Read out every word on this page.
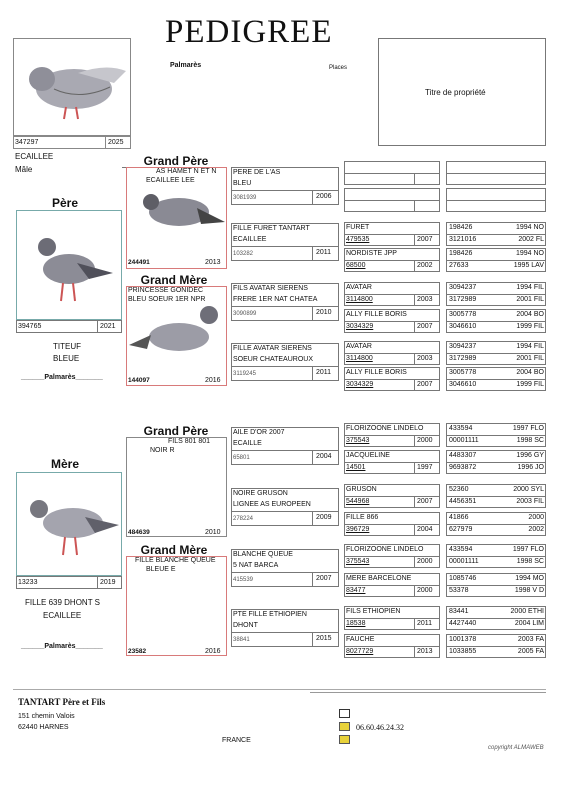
PEDIGREE
347297	2025
ECAILLEE
Mâle
Palmarès	Places
Titre de propriété
Père
394765	2021
TITEUF
BLEUE
______Palmarès_______
Mère
13233	2019
FILLE 639 DHONT S
ECAILLEE
______Palmarès_______
Grand Père
AS HAMET N ET N
ECAILLEE LEE
244491	2013
Grand Mère
PRINCESSE GONIDEC
BLEU SOEUR 1ER NPR
144097	2016
Grand Père
FILS 801 801
NOIR R
484639	2010
Grand Mère
FILLE BLANCHE QUEUE
BLEUE E
23582	2016
PERE DE L'AS
BLEU
3081939	2006
FILLE FURET TANTART
ECAILLEE
103282	2011
FILS AVATAR SIERENS
FRERE 1ER NAT CHATEA
3090899	2010
FILLE AVATAR SIERENS
SOEUR CHATEAUROUX
3119245	2011
AILE D'OR 2007
ECAILLE
65801	2004
NOIRE GRUSON
LIGNEE AS EUROPEEN
278224	2009
BLANCHE QUEUE
5 NAT BARCA
415539	2007
PTE FILLE ETHIOPIEN
DHONT
38841	2015
FURET
479535	2007
NORDISTE JPP
68500	2002
AVATAR
3114800	2003
ALLY FILLE BORIS
3034329	2007
AVATAR
3114800	2003
ALLY FILLE BORIS
3034329	2007
FLORIZOONE LINDELO
375543	2000
JACQUELINE
14501	1997
GRUSON
544968	2007
FILLE 866
396729	2004
FLORIZOONE LINDELO
375543	2000
MERE BARCELONE
83477	2000
FILS ETHIOPIEN
18538	2011
FAUCHE
8027729	2013
198426	1994 NO
3121016	2002 FL
198426	1994 NO
27633	1995 LAV
3094237	1994 FIL
3172989	2001 FIL
3005778	2004 BO
3046610	1999 FIL
3094237	1994 FIL
3172989	2001 FIL
3005778	2004 BO
3046610	1999 FIL
433594	1997 FLO
00001111	1998 SC
4483307	1996 GY
9693872	1996 JO
52360	2000 SYL
4456351	2003 FIL
41866	2000
627979	2002
433594	1997 FLO
00001111	1998 SC
1085746	1994 MO
53378	1998 V D
83441	2000 ETHI
4427440	2004 LIM
1001378	2003 FA
1033855	2005 FA
TANTART Père et Fils
151 chemin Valois
62440 HARNES
FRANCE
06.60.46.24.32
copyright ALMAWEB
